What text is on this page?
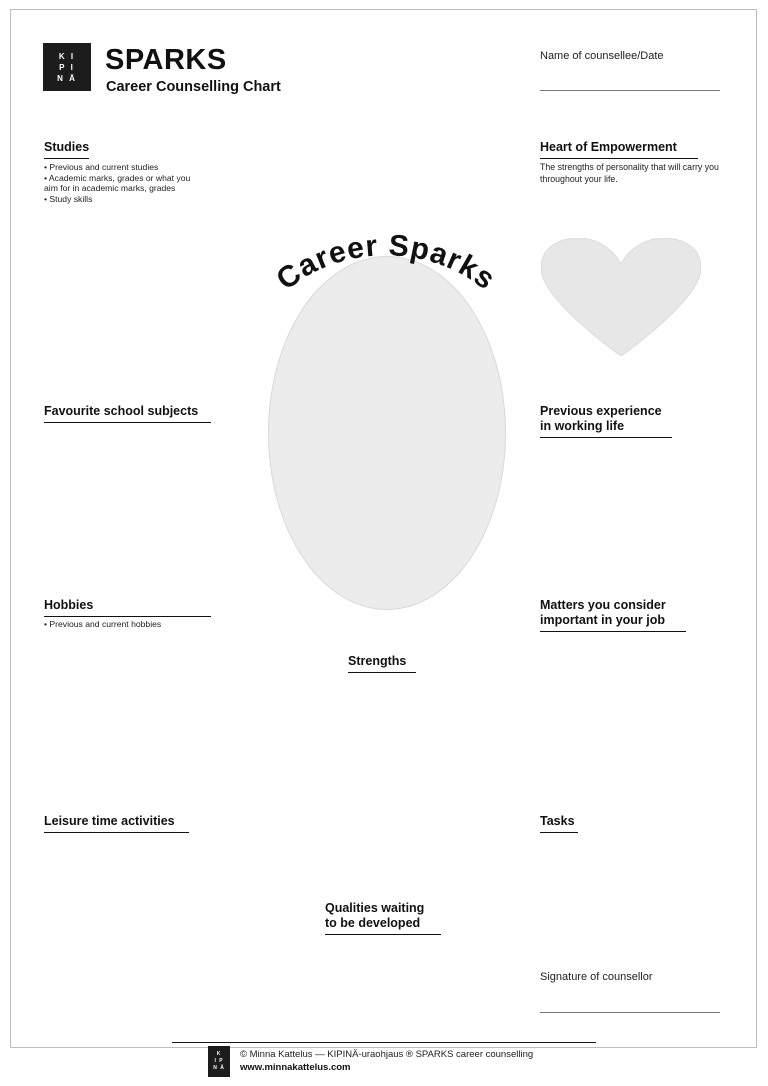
K I
P I
N Ä
SPARKS
Career Counselling Chart
Name of counsellee/Date
Studies
• Previous and current studies
• Academic marks, grades or what you
aim for in academic marks, grades
• Study skills
Favourite school subjects
Hobbies
• Previous and current hobbies
Leisure time activities
Heart of Empowerment
The strengths of personality that will carry you throughout your life.
Previous experience
in working life
Matters you consider
important in your job
Tasks
Signature of counsellor
Career Sparks
Strengths
Qualities waiting
to be developed
K
I P
N Ä
© Minna Kattelus — KIPINÄ-uraohjaus ® SPARKS career counselling
www.minnakattelus.com
